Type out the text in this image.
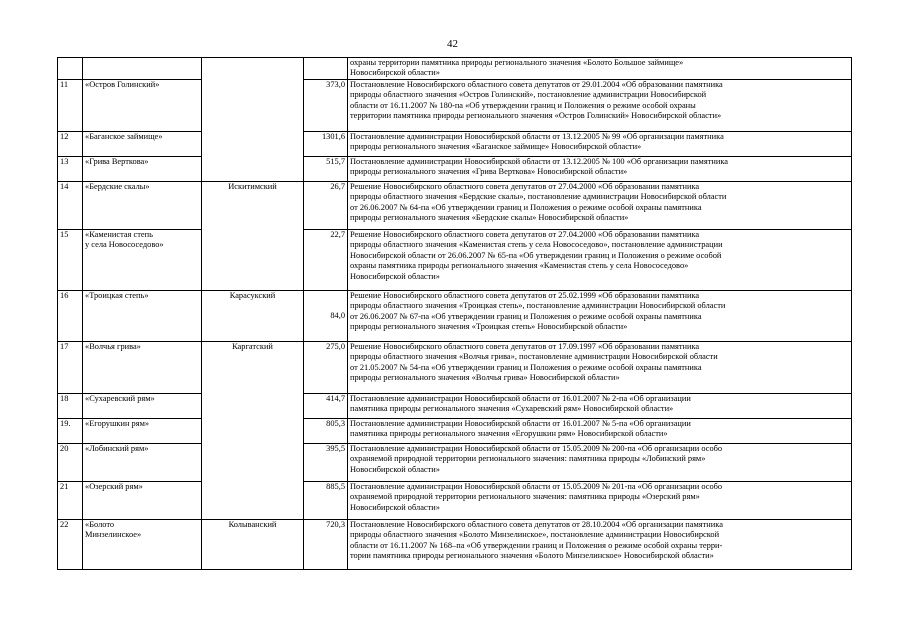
42

				охраны территории памятника природы регионального значения «Болото Большое займище»
Новосибирской области»

11	«Остров Голинский»		373,0	Постановление Новосибирского областного совета депутатов от 29.01.2004 «Об образовании памятника
природы областного значения «Остров Голинский», постановление администрации Новосибирской
области от 16.11.2007 № 180-па «Об утверждении границ и Положения о режиме особой охраны
территории памятника природы регионального значения «Остров Голинский» Новосибирской области»

12	«Баганское займище»		1301,6	Постановление администрации Новосибирской области от 13.12.2005 № 99 «Об организации памятника
природы регионального значения «Баганское займище» Новосибирской области»

13	«Грива Верткова»		515,7	Постановление администрации Новосибирской области от 13.12.2005 № 100 «Об организации памятника
природы регионального значения «Грива Верткова» Новосибирской области»

14	«Бердские скалы»	Искитимский	26,7	Решение Новосибирского областного совета депутатов от 27.04.2000 «Об образовании памятника
природы областного значения «Бердские скалы», постановление администрации Новосибирской области
от 26.06.2007 № 64-па «Об утверждении границ и Положения о режиме особой охраны памятника
природы регионального значения «Бердские скалы» Новосибирской области»

15	«Каменистая степь
у села Новососедово»		22,7	Решение Новосибирского областного совета депутатов от 27.04.2000 «Об образовании памятника
природы областного значения «Каменистая степь у села Новососедово», постановление администрации
Новосибирской области от 26.06.2007 № 65-па «Об утверждении границ и Положения о режиме особой
охраны памятника природы регионального значения «Каменистая степь у села Новососедово»
Новосибирской области»

16	«Троицкая степь»	Карасукский	84,0	Решение Новосибирского областного совета депутатов от 25.02.1999 «Об образовании памятника
природы областного значения «Троицкая степь», постановление администрации Новосибирской области
от 26.06.2007 № 67-па «Об утверждении границ и Положения о режиме особой охраны памятника
природы регионального значения «Троицкая степь» Новосибирской области»

17	«Волчья грива»	Каргатский	275,0	Решение Новосибирского областного совета депутатов от 17.09.1997 «Об образовании памятника
природы областного значения «Волчья грива», постановление администрации Новосибирской области
от 21.05.2007 № 54-па «Об утверждении границ и Положения о режиме особой охраны памятника
природы регионального значения «Волчья грива» Новосибирской области»

18	«Сухаревский рям»		414,7	Постановление администрации Новосибирской области от 16.01.2007 № 2-па «Об организации
памятника природы регионального значения «Сухаревский рям» Новосибирской области»

19.	«Егорушкин рям»		805,3	Постановление администрации Новосибирской области от 16.01.2007 № 5-па «Об организации
памятника природы регионального значения «Егорушкин рям» Новосибирской области»

20	«Лобинский рям»		395,5	Постановление администрации Новосибирской области от 15.05.2009 № 200-па «Об организации особо
охраняемой природной территории регионального значения: памятника природы «Лобинский рям»
Новосибирской области»

21	«Озерский рям»		885,5	Постановление администрации Новосибирской области от 15.05.2009 № 201-па «Об организации особо
охраняемой природной территории регионального значения: памятника природы «Озерский рям»
Новосибирской области»

22	«Болото
Минзелинское»	Колыванский	720,3	Постановление Новосибирского областного совета депутатов от 28.10.2004 «Об организации памятника
природы областного значения «Болото Минзелинское», постановление администрации Новосибирской
области от 16.11.2007 № 168–па «Об утверждении границ и Положения о режиме особой охраны терри-
тории памятника природы регионального значения «Болото Минзелинское» Новосибирской области»
